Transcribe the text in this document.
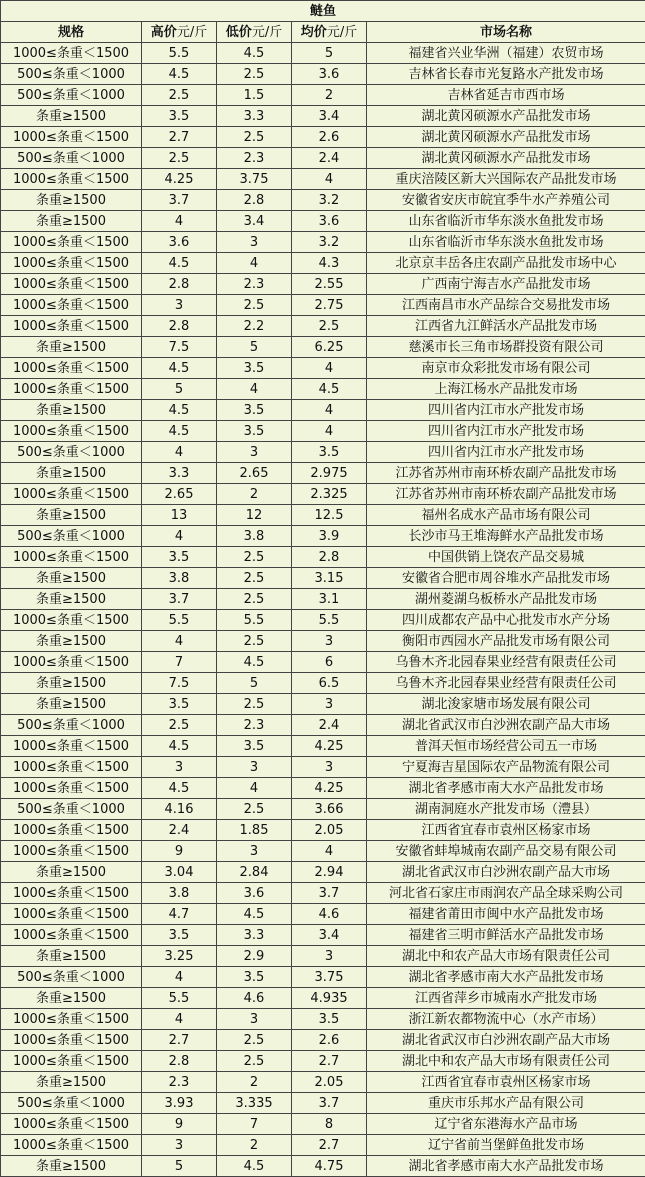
鲢鱼				
规格	高价元/斤	低价元/斤	均价元/斤	市场名称
1000≤条重＜1500	5.5	4.5	5	福建省兴业华洲（福建）农贸市场
500≤条重＜1000	4.5	2.5	3.6	吉林省长春市光复路水产批发市场
500≤条重＜1000	2.5	1.5	2	吉林省延吉市西市场
条重≥1500	3.5	3.3	3.4	湖北黄冈硕源水产品批发市场
1000≤条重＜1500	2.7	2.5	2.6	湖北黄冈硕源水产品批发市场
500≤条重＜1000	2.5	2.3	2.4	湖北黄冈硕源水产品批发市场
1000≤条重＜1500	4.25	3.75	4	重庆涪陵区新大兴国际农产品批发市场
条重≥1500	3.7	2.8	3.2	安徽省安庆市皖宜季牛水产养殖公司
条重≥1500	4	3.4	3.6	山东省临沂市华东淡水鱼批发市场
1000≤条重＜1500	3.6	3	3.2	山东省临沂市华东淡水鱼批发市场
1000≤条重＜1500	4.5	4	4.3	北京京丰岳各庄农副产品批发市场中心
1000≤条重＜1500	2.8	2.3	2.55	广西南宁海吉水产品批发市场
1000≤条重＜1500	3	2.5	2.75	江西南昌市水产品综合交易批发市场
1000≤条重＜1500	2.8	2.2	2.5	江西省九江鲜活水产品批发市场
条重≥1500	7.5	5	6.25	慈溪市长三角市场群投资有限公司
1000≤条重＜1500	4.5	3.5	4	南京市众彩批发市场有限公司
1000≤条重＜1500	5	4	4.5	上海江杨水产品批发市场
条重≥1500	4.5	3.5	4	四川省内江市水产批发市场
1000≤条重＜1500	4.5	3.5	4	四川省内江市水产批发市场
500≤条重＜1000	4	3	3.5	四川省内江市水产批发市场
条重≥1500	3.3	2.65	2.975	江苏省苏州市南环桥农副产品批发市场
1000≤条重＜1500	2.65	2	2.325	江苏省苏州市南环桥农副产品批发市场
条重≥1500	13	12	12.5	福州名成水产品市场有限公司
500≤条重＜1000	4	3.8	3.9	长沙市马王堆海鲜水产品批发市场
1000≤条重＜1500	3.5	2.5	2.8	中国供销上饶农产品交易城
条重≥1500	3.8	2.5	3.15	安徽省合肥市周谷堆水产品批发市场
条重≥1500	3.7	2.5	3.1	湖州菱湖乌板桥水产品批发市场
1000≤条重＜1500	5.5	5.5	5.5	四川成都农产品中心批发市水产分场
条重≥1500	4	2.5	3	衡阳市西园水产品批发市场有限公司
1000≤条重＜1500	7	4.5	6	乌鲁木齐北园春果业经营有限责任公司
条重≥1500	7.5	5	6.5	乌鲁木齐北园春果业经营有限责任公司
条重≥1500	3.5	2.5	3	湖北浚家塘市场发展有限公司
500≤条重＜1000	2.5	2.3	2.4	湖北省武汉市白沙洲农副产品大市场
1000≤条重＜1500	4.5	3.5	4.25	普洱天恒市场经营公司五一市场
1000≤条重＜1500	3	3	3	宁夏海吉星国际农产品物流有限公司
1000≤条重＜1500	4.5	4	4.25	湖北省孝感市南大水产品批发市场
500≤条重＜1000	4.16	2.5	3.66	湖南洞庭水产批发市场（澧县）
1000≤条重＜1500	2.4	1.85	2.05	江西省宜春市袁州区杨家市场
1000≤条重＜1500	9	3	4	安徽省蚌埠城南农副产品交易有限公司
条重≥1500	3.04	2.84	2.94	湖北省武汉市白沙洲农副产品大市场
1000≤条重＜1500	3.8	3.6	3.7	河北省石家庄市雨润农产品全球采购公司
1000≤条重＜1500	4.7	4.5	4.6	福建省莆田市闽中水产品批发市场
1000≤条重＜1500	3.5	3.3	3.4	福建省三明市鲜活水产品批发市场
条重≥1500	3.25	2.9	3	湖北中和农产品大市场有限责任公司
500≤条重＜1000	4	3.5	3.75	湖北省孝感市南大水产品批发市场
条重≥1500	5.5	4.6	4.935	江西省萍乡市城南水产批发市场
1000≤条重＜1500	4	3	3.5	浙江新农都物流中心（水产市场）
1000≤条重＜1500	2.7	2.5	2.6	湖北省武汉市白沙洲农副产品大市场
1000≤条重＜1500	2.8	2.5	2.7	湖北中和农产品大市场有限责任公司
条重≥1500	2.3	2	2.05	江西省宜春市袁州区杨家市场
500≤条重＜1000	3.93	3.335	3.7	重庆市乐邦水产品有限公司
1000≤条重＜1500	9	7	8	辽宁省东港海水产品市场
1000≤条重＜1500	3	2	2.7	辽宁省前当堡鲜鱼批发市场
条重≥1500	5	4.5	4.75	湖北省孝感市南大水产品批发市场
